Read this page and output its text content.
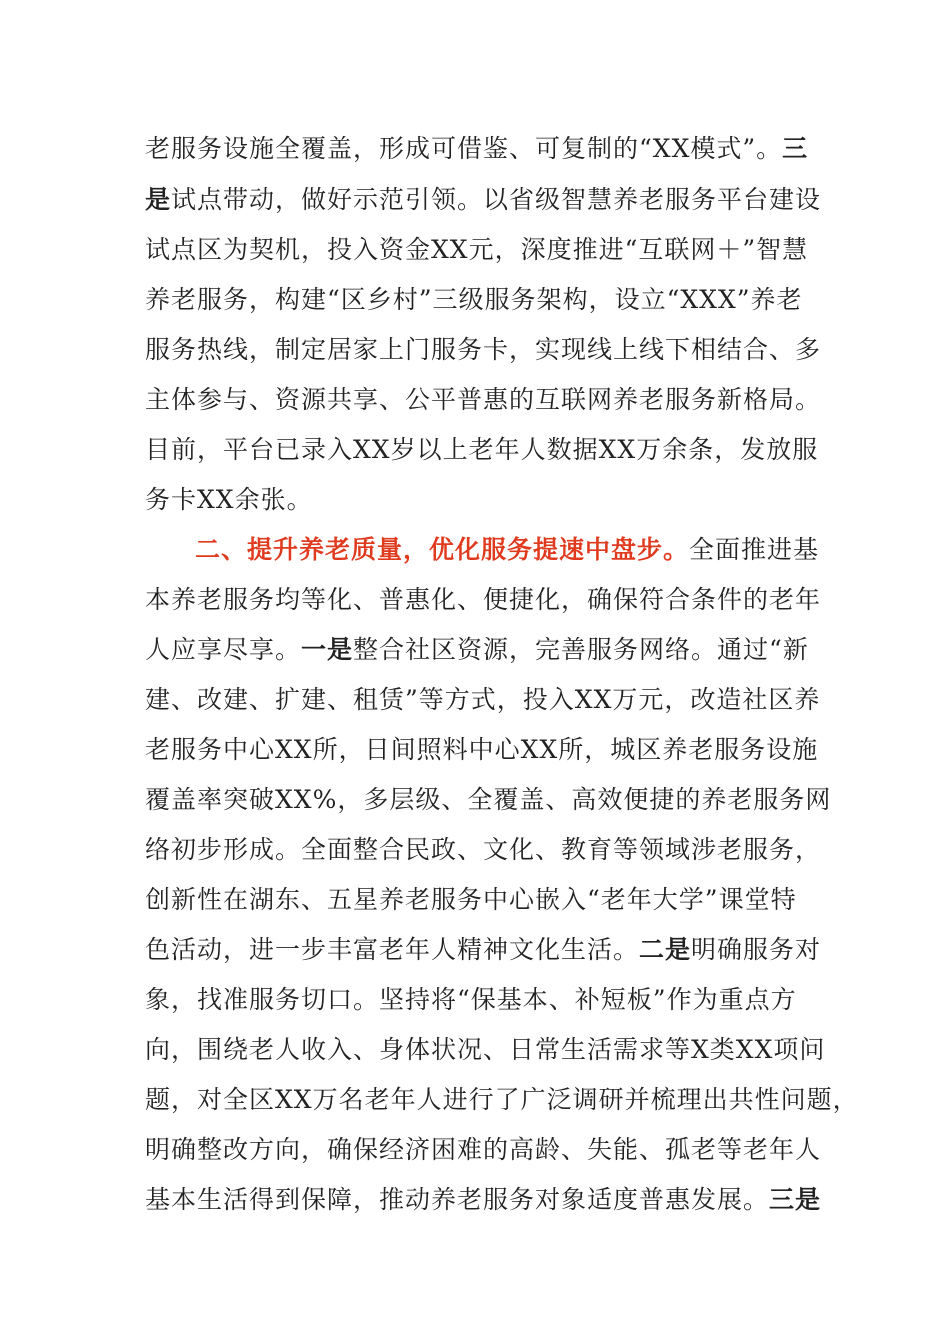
老服务设施全覆盖，形成可借鉴、可复制的“XX模式”。三
是试点带动，做好示范引领。以省级智慧养老服务平台建设
试点区为契机，投入资金XX元，深度推进“互联网＋”智慧
养老服务，构建“区乡村”三级服务架构，设立“XXX”养老
服务热线，制定居家上门服务卡，实现线上线下相结合、多
主体参与、资源共享、公平普惠的互联网养老服务新格局。
目前，平台已录入XX岁以上老年人数据XX万余条，发放服
务卡XX余张。
二、提升养老质量，优化服务提速中盘步。全面推进基
本养老服务均等化、普惠化、便捷化，确保符合条件的老年
人应享尽享。一是整合社区资源，完善服务网络。通过“新
建、改建、扩建、租赁”等方式，投入XX万元，改造社区养
老服务中心XX所，日间照料中心XX所，城区养老服务设施
覆盖率突破XX%，多层级、全覆盖、高效便捷的养老服务网
络初步形成。全面整合民政、文化、教育等领域涉老服务，
创新性在湖东、五星养老服务中心嵌入“老年大学”课堂特
色活动，进一步丰富老年人精神文化生活。二是明确服务对
象，找准服务切口。坚持将“保基本、补短板”作为重点方
向，围绕老人收入、身体状况、日常生活需求等X类XX项问
题，对全区XX万名老年人进行了广泛调研并梳理出共性问题，
明确整改方向，确保经济困难的高龄、失能、孤老等老年人
基本生活得到保障，推动养老服务对象适度普惠发展。三是
